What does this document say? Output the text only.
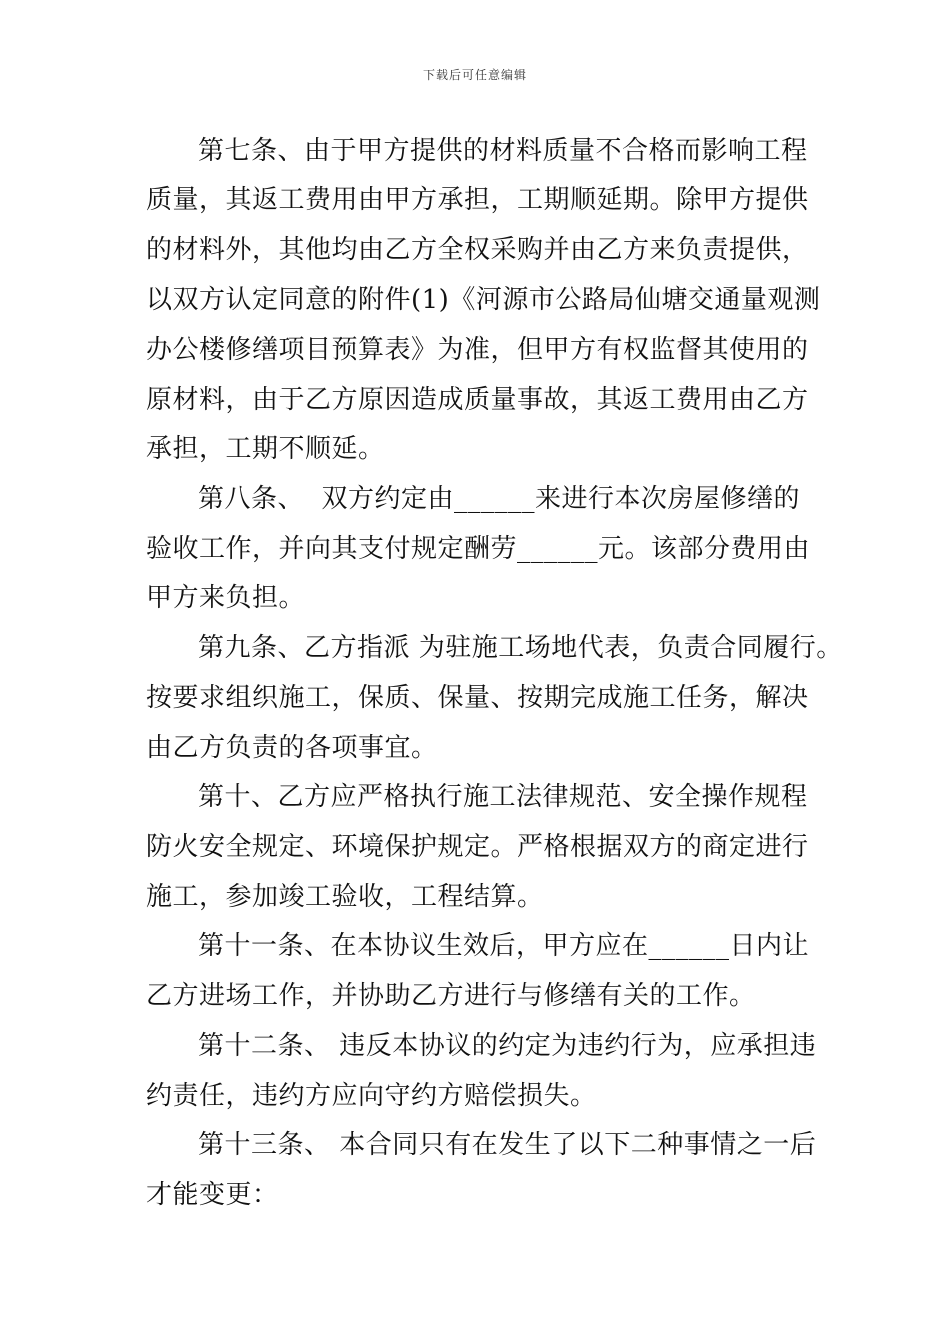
下载后可任意编辑
第七条、由于甲方提供的材料质量不合格而影响工程
质量，其返工费用由甲方承担，工期顺延期。除甲方提供
的材料外，其他均由乙方全权采购并由乙方来负责提供，
以双方认定同意的附件(1)《河源市公路局仙塘交通量观测
办公楼修缮项目预算表》为准，但甲方有权监督其使用的
原材料，由于乙方原因造成质量事故，其返工费用由乙方
承担，工期不顺延。
第八条、  双方约定由______来进行本次房屋修缮的
验收工作，并向其支付规定酬劳______元。该部分费用由
甲方来负担。
第九条、乙方指派 为驻施工场地代表，负责合同履行。
按要求组织施工，保质、保量、按期完成施工任务，解决
由乙方负责的各项事宜。
第十、乙方应严格执行施工法律规范、安全操作规程
防火安全规定、环境保护规定。严格根据双方的商定进行
施工，参加竣工验收，工程结算。
第十一条、在本协议生效后，甲方应在______日内让
乙方进场工作，并协助乙方进行与修缮有关的工作。
第十二条、 违反本协议的约定为违约行为，应承担违
约责任，违约方应向守约方赔偿损失。
第十三条、 本合同只有在发生了以下二种事情之一后
才能变更：
